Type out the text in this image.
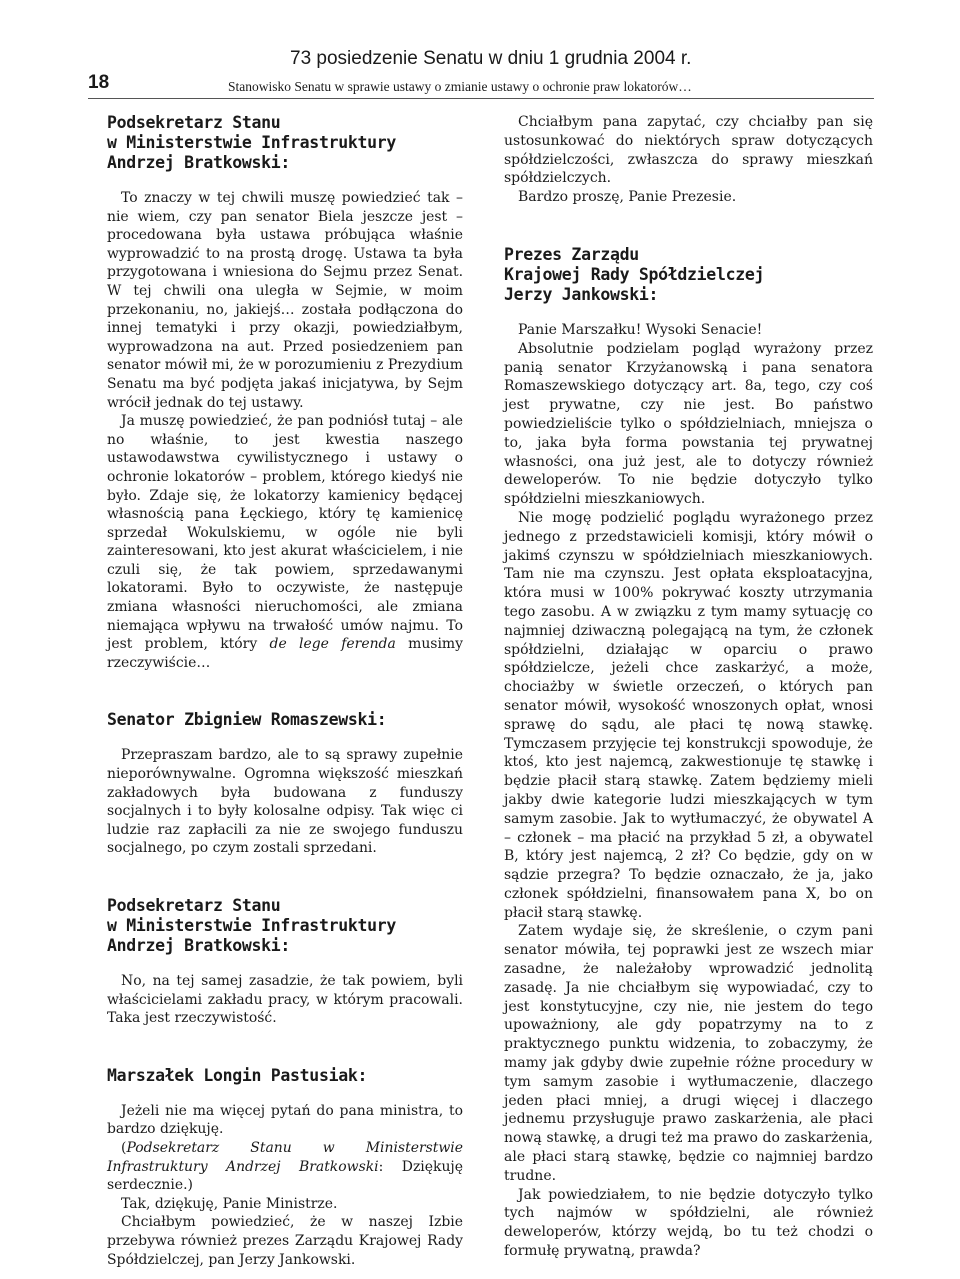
18
73 posiedzenie Senatu w dniu 1 grudnia 2004 r.
Stanowisko Senatu w sprawie ustawy o zmianie ustawy o ochronie praw lokatorów…
Podsekretarz Stanu
w Ministerstwie Infrastruktury
Andrzej Bratkowski:

To znaczy w tej chwili muszę powiedzieć tak – nie wiem, czy pan senator Biela jeszcze jest – procedowana była ustawa próbująca właśnie wyprowadzić to na prostą drogę. Ustawa ta była przygotowana i wniesiona do Sejmu przez Senat. W tej chwili ona uległa w Sejmie, w moim przekonaniu, no, jakiejś… została podłączona do innej tematyki i przy okazji, powiedziałbym, wyprowadzona na aut. Przed posiedzeniem pan senator mówił mi, że w porozumieniu z Prezydium Senatu ma być podjęta jakaś inicjatywa, by Sejm wrócił jednak do tej ustawy.

Ja muszę powiedzieć, że pan podniósł tutaj – ale no właśnie, to jest kwestia naszego ustawodawstwa cywilistycznego i ustawy o ochronie lokatorów – problem, którego kiedyś nie było. Zdaje się, że lokatorzy kamienicy będącej własnością pana Łęckiego, który tę kamienicę sprzedał Wokulskiemu, w ogóle nie byli zainteresowani, kto jest akurat właścicielem, i nie czuli się, że tak powiem, sprzedawanymi lokatorami. Było to oczywiste, że następuje zmiana własności nieruchomości, ale zmiana niemająca wpływu na trwałość umów najmu. To jest problem, który de lege ferenda musimy rzeczywiście…

Senator Zbigniew Romaszewski:

Przepraszam bardzo, ale to są sprawy zupełnie nieporównywalne. Ogromna większość mieszkań zakładowych była budowana z funduszy socjalnych i to były kolosalne odpisy. Tak więc ci ludzie raz zapłacili za nie ze swojego funduszu socjalnego, po czym zostali sprzedani.

Podsekretarz Stanu
w Ministerstwie Infrastruktury
Andrzej Bratkowski:

No, na tej samej zasadzie, że tak powiem, byli właścicielami zakładu pracy, w którym pracowali. Taka jest rzeczywistość.

Marszałek Longin Pastusiak:

Jeżeli nie ma więcej pytań do pana ministra, to bardzo dziękuję.

(Podsekretarz Stanu w Ministerstwie Infrastruktury Andrzej Bratkowski: Dziękuję serdecznie.)

Tak, dziękuję, Panie Ministrze.

Chciałbym powiedzieć, że w naszej Izbie przebywa również prezes Zarządu Krajowej Rady Spółdzielczej, pan Jerzy Jankowski.

Chciałbym pana zapytać, czy chciałby pan się ustosunkować do niektórych spraw dotyczących spółdzielczości, zwłaszcza do sprawy mieszkań spółdzielczych.

Bardzo proszę, Panie Prezesie.

Prezes Zarządu
Krajowej Rady Spółdzielczej
Jerzy Jankowski:

Panie Marszałku! Wysoki Senacie!

Absolutnie podzielam pogląd wyrażony przez panią senator Krzyżanowską i pana senatora Romaszewskiego dotyczący art. 8a, tego, czy coś jest prywatne, czy nie jest. Bo państwo powiedzieliście tylko o spółdzielniach, mniejsza o to, jaka była forma powstania tej prywatnej własności, ona już jest, ale to dotyczy również deweloperów. To nie będzie dotyczyło tylko spółdzielni mieszkaniowych.

Nie mogę podzielić poglądu wyrażonego przez jednego z przedstawicieli komisji, który mówił o jakimś czynszu w spółdzielniach mieszkaniowych. Tam nie ma czynszu. Jest opłata eksploatacyjna, która musi w 100% pokrywać koszty utrzymania tego zasobu. A w związku z tym mamy sytuację co najmniej dziwaczną polegającą na tym, że członek spółdzielni, działając w oparciu o prawo spółdzielcze, jeżeli chce zaskarżyć, a może, chociażby w świetle orzeczeń, o których pan senator mówił, wysokość wnoszonych opłat, wnosi sprawę do sądu, ale płaci tę nową stawkę. Tymczasem przyjęcie tej konstrukcji spowoduje, że ktoś, kto jest najemcą, zakwestionuje tę stawkę i będzie płacił starą stawkę. Zatem będziemy mieli jakby dwie kategorie ludzi mieszkających w tym samym zasobie. Jak to wytłumaczyć, że obywatel A – członek – ma płacić na przykład 5 zł, a obywatel B, który jest najemcą, 2 zł? Co będzie, gdy on w sądzie przegra? To będzie oznaczało, że ja, jako członek spółdzielni, finansowałem pana X, bo on płacił starą stawkę.

Zatem wydaje się, że skreślenie, o czym pani senator mówiła, tej poprawki jest ze wszech miar zasadne, że należałoby wprowadzić jednolitą zasadę. Ja nie chciałbym się wypowiadać, czy to jest konstytucyjne, czy nie, nie jestem do tego upoważniony, ale gdy popatrzymy na to z praktycznego punktu widzenia, to zobaczymy, że mamy jak gdyby dwie zupełnie różne procedury w tym samym zasobie i wytłumaczenie, dlaczego jeden płaci mniej, a drugi więcej i dlaczego jednemu przysługuje prawo zaskarżenia, ale płaci nową stawkę, a drugi też ma prawo do zaskarżenia, ale płaci starą stawkę, będzie co najmniej bardzo trudne.

Jak powiedziałem, to nie będzie dotyczyło tylko tych najmów w spółdzielni, ale również deweloperów, którzy wejdą, bo tu też chodzi o formułę prywatną, prawda?
